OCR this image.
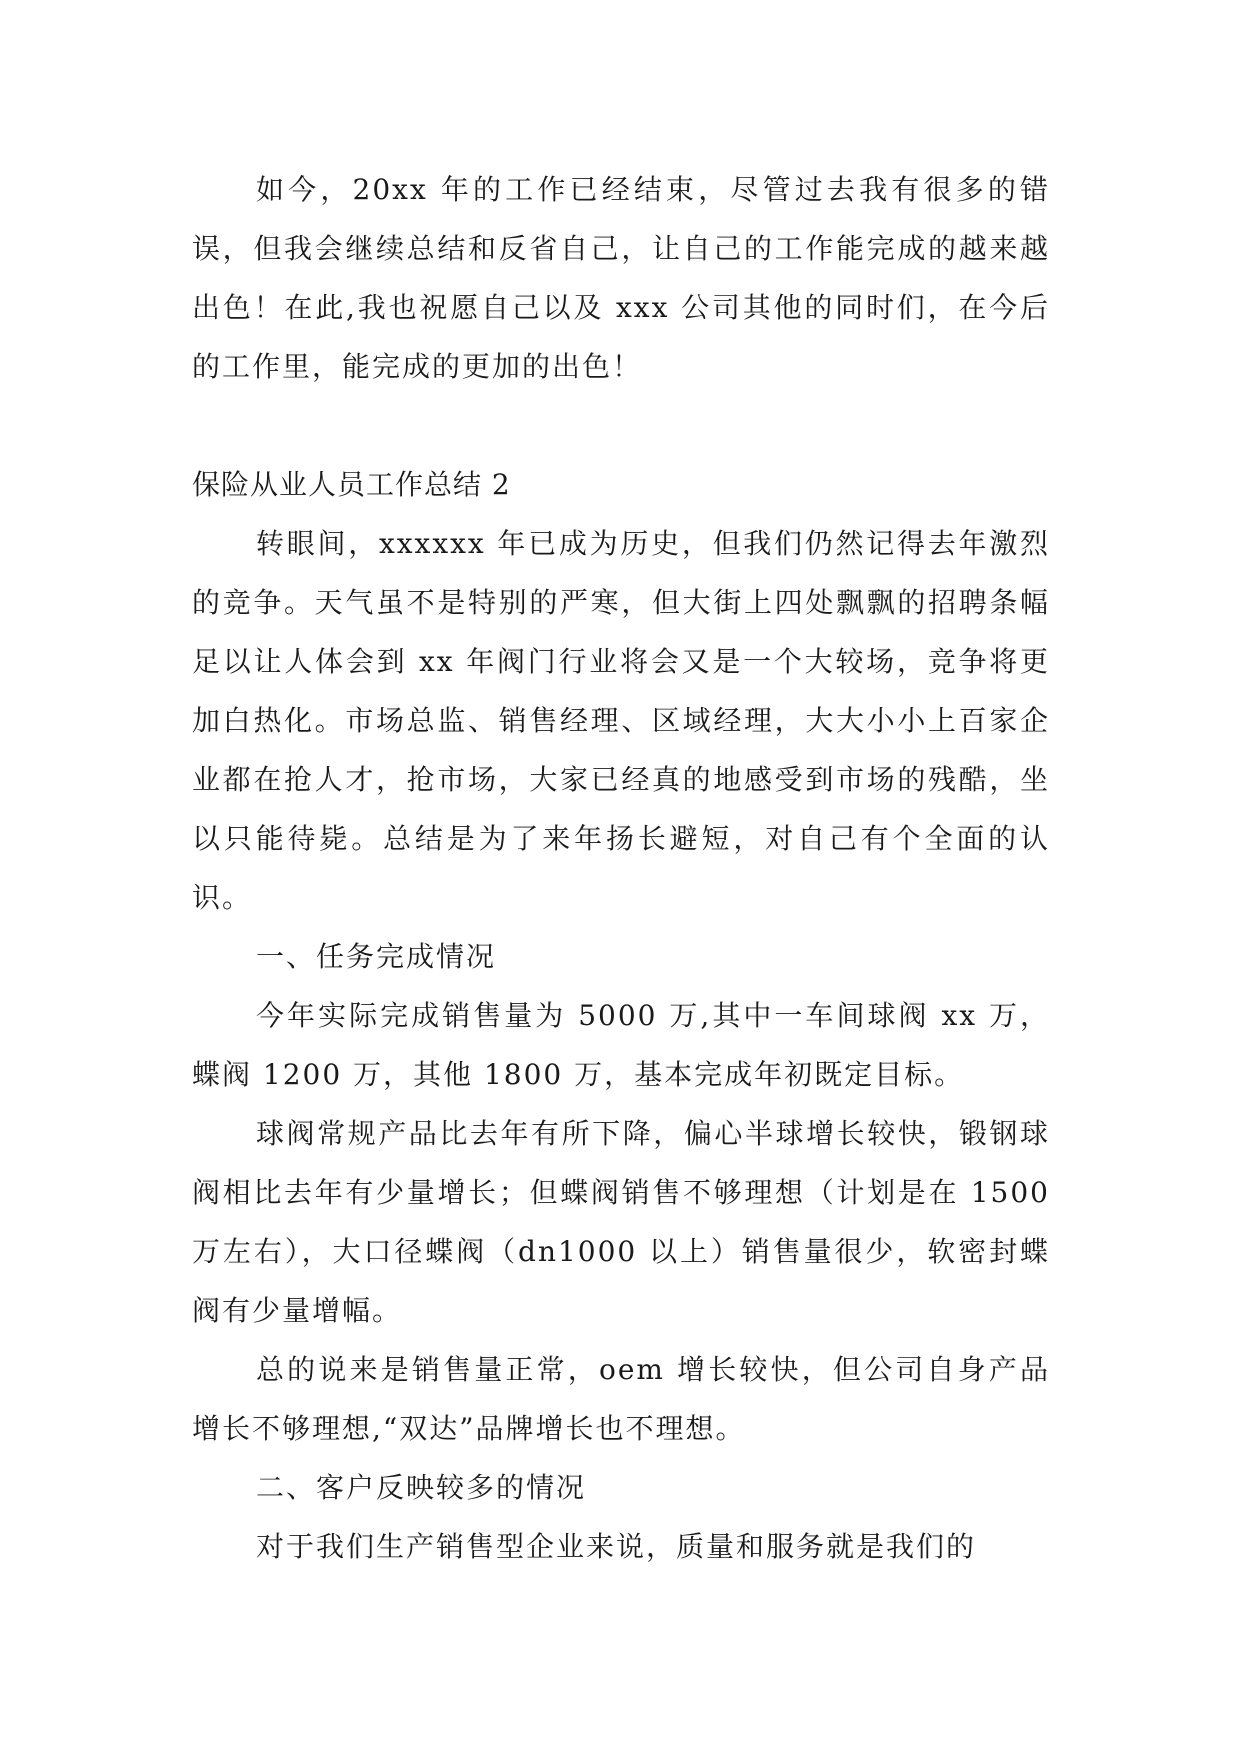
如今，20xx 年的工作已经结束，尽管过去我有很多的错误，但我会继续总结和反省自己，让自己的工作能完成的越来越出色！在此,我也祝愿自己以及 xxx 公司其他的同时们，在今后的工作里，能完成的更加的出色！

保险从业人员工作总结 2

转眼间，xxxxxx 年已成为历史，但我们仍然记得去年激烈的竞争。天气虽不是特别的严寒，但大街上四处飘飘的招聘条幅足以让人体会到 xx 年阀门行业将会又是一个大较场，竞争将更加白热化。市场总监、销售经理、区域经理，大大小小上百家企业都在抢人才，抢市场，大家已经真的地感受到市场的残酷，坐以只能待毙。总结是为了来年扬长避短，对自己有个全面的认识。

一、任务完成情况

今年实际完成销售量为 5000 万,其中一车间球阀 xx 万，蝶阀 1200 万，其他 1800 万，基本完成年初既定目标。

球阀常规产品比去年有所下降，偏心半球增长较快，锻钢球阀相比去年有少量增长；但蝶阀销售不够理想（计划是在 1500 万左右），大口径蝶阀（dn1000 以上）销售量很少，软密封蝶阀有少量增幅。

总的说来是销售量正常，oem 增长较快，但公司自身产品增长不够理想,“双达”品牌增长也不理想。

二、客户反映较多的情况

对于我们生产销售型企业来说，质量和服务就是我们的
